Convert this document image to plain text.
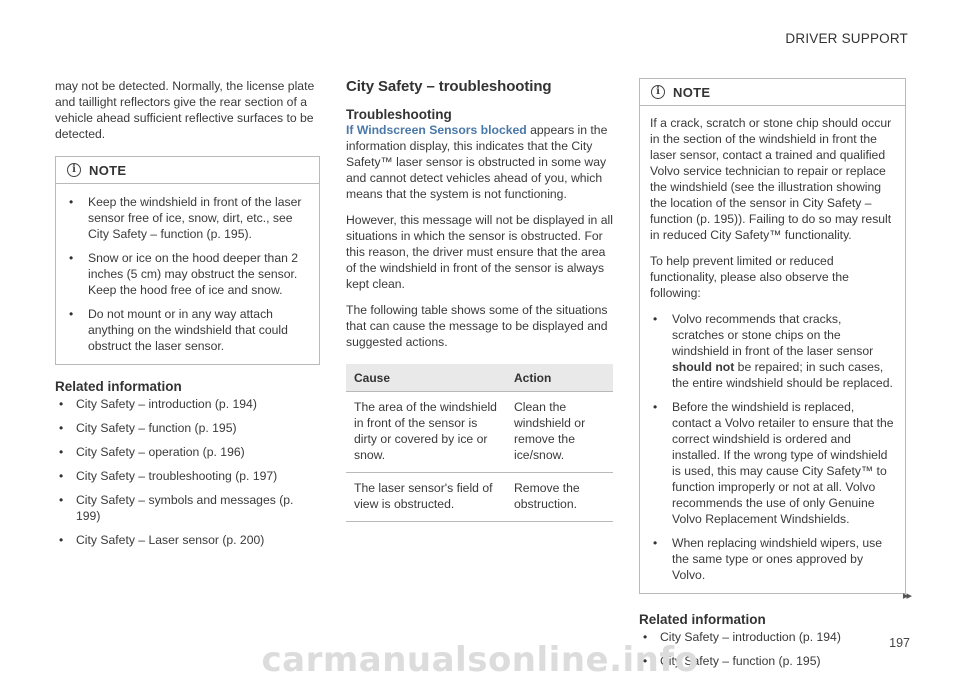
DRIVER SUPPORT

may not be detected. Normally, the license plate and taillight reflectors give the rear section of a vehicle ahead sufficient reflective surfaces to be detected.

i	NOTE
• Keep the windshield in front of the laser sensor free of ice, snow, dirt, etc., see City Safety – function (p. 195).
• Snow or ice on the hood deeper than 2 inches (5 cm) may obstruct the sensor. Keep the hood free of ice and snow.
• Do not mount or in any way attach anything on the windshield that could obstruct the laser sensor.
Related information
• City Safety – introduction (p. 194)
• City Safety – function (p. 195)
• City Safety – operation (p. 196)
• City Safety – troubleshooting (p. 197)
• City Safety – symbols and messages (p. 199)
• City Safety – Laser sensor (p. 200)
City Safety – troubleshooting
Troubleshooting

If Windscreen Sensors blocked appears in the information display, this indicates that the City Safety™ laser sensor is obstructed in some way and cannot detect vehicles ahead of you, which means that the system is not functioning.

However, this message will not be displayed in all situations in which the sensor is obstructed. For this reason, the driver must ensure that the area of the windshield in front of the sensor is always kept clean.

The following table shows some of the situations that can cause the message to be displayed and suggested actions.

Cause	Action
The area of the windshield in front of the sensor is dirty or covered by ice or snow.	Clean the windshield or remove the ice/snow.
The laser sensor's field of view is obstructed.	Remove the obstruction.
i	NOTE

If a crack, scratch or stone chip should occur in the section of the windshield in front the laser sensor, contact a trained and qualified Volvo service technician to repair or replace the windshield (see the illustration showing the location of the sensor in City Safety – function (p. 195)). Failing to do so may result in reduced City Safety™ functionality.

To help prevent limited or reduced functionality, please also observe the following:

• Volvo recommends that cracks, scratches or stone chips on the windshield in front of the laser sensor should not be repaired; in such cases, the entire windshield should be replaced.
• Before the windshield is replaced, contact a Volvo retailer to ensure that the correct windshield is ordered and installed. If the wrong type of windshield is used, this may cause City Safety™ to function improperly or not at all. Volvo recommends the use of only Genuine Volvo Replacement Windshields.
• When replacing windshield wipers, use the same type or ones approved by Volvo.
Related information
• City Safety – introduction (p. 194)
• City Safety – function (p. 195)
▸▸
197
carmanualsonline.info
